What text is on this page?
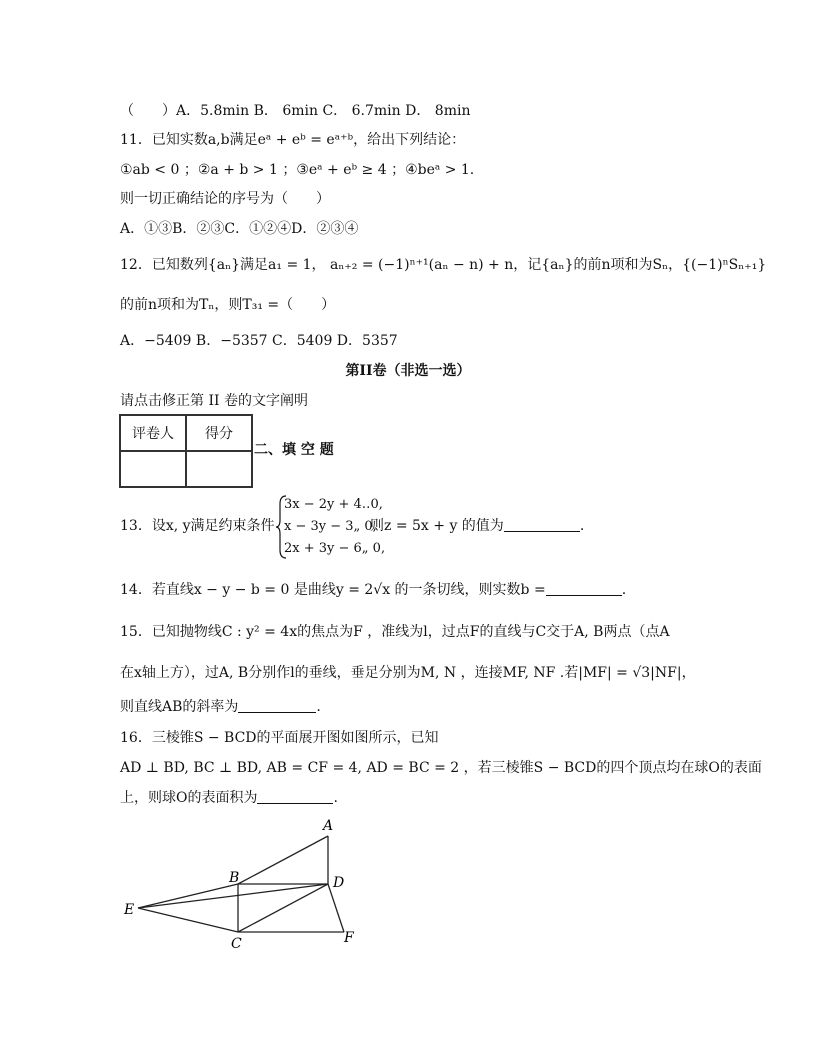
（　　）A．5.8min B． 6min C． 6.7min D． 8min
11．已知实数a,b满足eᵃ + eᵇ = eᵃ⁺ᵇ，给出下列结论：
①ab < 0 ；②a + b > 1 ；③eᵃ + eᵇ ≥ 4 ；④beᵃ > 1.
则一切正确结论的序号为（　　）
A．①③B．②③C．①②④D．②③④
12．已知数列{aₙ}满足a₁ = 1， aₙ₊₂ = (−1)ⁿ⁺¹(aₙ − n) + n，记{aₙ}的前n项和为Sₙ，{(−1)ⁿSₙ₊₁}
的前n项和为Tₙ，则T₃₁ =（　　）
A．−5409 B．−5357 C．5409 D．5357
第II卷（非选一选）
请点击修正第 II 卷的文字阐明
评卷人	得分

二、填 空 题
13．设x, y满足约束条件
3x − 2y + 4‥0,
x − 3y − 3„ 0,
2x + 3y − 6„ 0,
则z = 5x + y 的值为	.
14．若直线x − y − b = 0 是曲线y = 2√x 的一条切线，则实数b =	.
15．已知抛物线C : y² = 4x的焦点为F ，准线为l，过点F的直线与C交于A, B两点（点A
在x轴上方），过A, B分别作l的垂线，垂足分别为M, N ，连接MF, NF .若|MF| = √3|NF|，
则直线AB的斜率为	.
16．三棱锥S − BCD的平面展开图如图所示，已知
AD ⊥ BD, BC ⊥ BD, AB = CF = 4, AD = BC = 2 ，若三棱锥S − BCD的四个顶点均在球O的表面
上，则球O的表面积为	.
A
B
C
D
E
F
